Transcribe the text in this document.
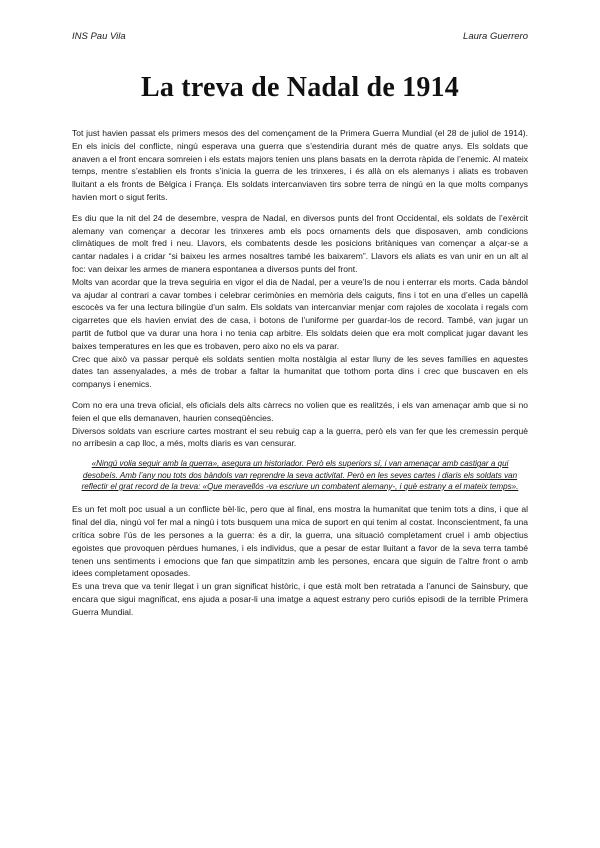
INS Pau Vila	Laura Guerrero
La treva de Nadal de 1914

Tot just havien passat els primers mesos des del començament de la Primera Guerra Mundial (el 28 de juliol de 1914). En els inicis del conflicte, ningú esperava una guerra que s’estendiria durant més de quatre anys. Els soldats que anaven a el front encara somreien i els estats majors tenien uns plans basats en la derrota ràpida de l’enemic. Al mateix temps, mentre s’establien els fronts s’inicia la guerra de les trinxeres, i és allà on els alemanys i aliats es trobaven lluitant a els fronts de Bèlgica i França. Els soldats intercanviaven tirs sobre terra de ningú en la que molts companys havien mort o sigut ferits.

Es diu que la nit del 24 de desembre, vespra de Nadal, en diversos punts del front Occidental, els soldats de l’exèrcit alemany van començar a decorar les trinxeres amb els pocs ornaments dels que disposaven, amb condicions climàtiques de molt fred i neu. Llavors, els combatents desde les posicions britàniques van començar a alçar-se a cantar nadales i a cridar “si baixeu les armes nosaltres també les baixarem”. Llavors els aliats es van unir en un alt al foc: van deixar les armes de manera espontanea a diversos punts del front.

Molts van acordar que la treva seguiria en vigor el dia de Nadal, per a veure’ls de nou i enterrar els morts. Cada bàndol va ajudar al contrari a cavar tombes i celebrar cerimònies en memòria dels caiguts, fins i tot en una d’elles un capellà escocès va fer una lectura bilingüe d’un salm. Els soldats van intercanviar menjar com rajoles de xocolata i regals com cigarretes que els havien enviat des de casa, i botons de l’uniforme per guardar-los de record. També, van jugar un partit de futbol que va durar una hora i no tenia cap arbitre. Els soldats deien que era molt complicat jugar davant les baixes temperatures en les que es trobaven, pero aixo no els va parar.

Crec que això va passar perquè els soldats sentien molta nostàlgia al estar lluny de les seves famílies en aquestes dates tan assenyalades, a més de trobar a faltar la humanitat que tothom porta dins i crec que buscaven en els companys i enemics.

Com no era una treva oficial, els oficials dels alts càrrecs no volien que es realitzés, i els van amenaçar amb que si no feien el que ells demanaven, haurien conseqüències.

Diversos soldats van escriure cartes mostrant el seu rebuig cap a la guerra, però els van fer que les cremessin perquè no arribesin a cap lloc, a més, molts diaris es van censurar.

«Ningú volia seguir amb la guerra», asegura un historiador. Però els superiors sí, i van amenaçar amb castigar a qui desobeís. Amb l’any nou tots dos bàndols van reprendre la seva activitat. Però en les seves cartes i diaris els soldats van reflectir el grat record de la treva: «Que meravellós -va escriure un combatent alemany-, i què estrany a el mateix temps».

Es un fet molt poc usual a un conflicte bèl·lic, pero que al final, ens mostra la humanitat que tenim tots a dins, i que al final del dia, ningú vol fer mal a ningú i tots busquem una mica de suport en qui tenim al costat. Inconscientment, fa una crítica sobre l’ús de les persones a la guerra: és a dir, la guerra, una situació completament cruel i amb objectius egoistes que provoquen pèrdues humanes, i els individus, que a pesar de estar lluitant a favor de la seva terra també tenen uns sentiments i emocions que fan que simpatitzin amb les persones, encara que siguin de l’altre front o amb idees completament oposades.

Es una treva que va tenir llegat i un gran significat històric, i que està molt ben retratada a l’anunci de Sainsbury, que encara que sigui magnificat, ens ajuda a posar-li una imatge a aquest estrany pero curiós episodi de la terrible Primera Guerra Mundial.
